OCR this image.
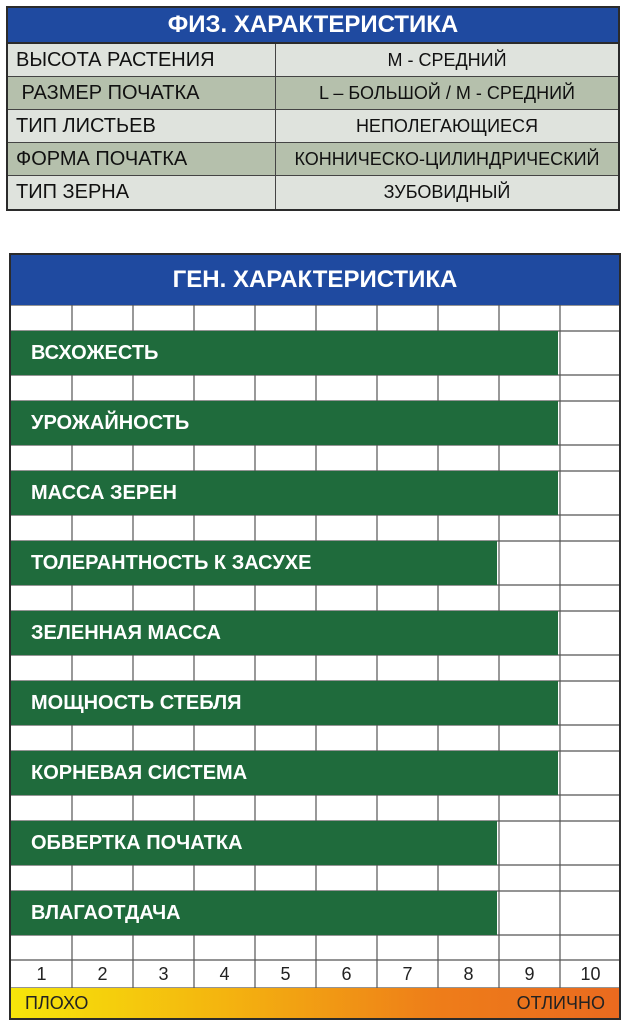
ФИЗ. ХАРАКТЕРИСТИКА
ВЫСОТА РАСТЕНИЯ	М - СРЕДНИЙ
РАЗМЕР ПОЧАТКА	L – БОЛЬШОЙ / M - СРЕДНИЙ
ТИП ЛИСТЬЕВ	НЕПОЛЕГАЮЩИЕСЯ
ФОРМА ПОЧАТКА	КОННИЧЕСКО-ЦИЛИНДРИЧЕСКИЙ
ТИП ЗЕРНА	ЗУБОВИДНЫЙ
ГЕН. ХАРАКТЕРИСТИКА
ВСХОЖЕСТЬ
УРОЖАЙНОСТЬ
МАССА ЗЕРЕН
ТОЛЕРАНТНОСТЬ К ЗАСУХЕ
ЗЕЛЕННАЯ МАССА
МОЩНОСТЬ СТЕБЛЯ
КОРНЕВАЯ СИСТЕМА
ОБВЕРТКА ПОЧАТКА
ВЛАГАОТДАЧА
1	2	3	4	5	6	7	8	9	10
ПЛОХО	ОТЛИЧНО
